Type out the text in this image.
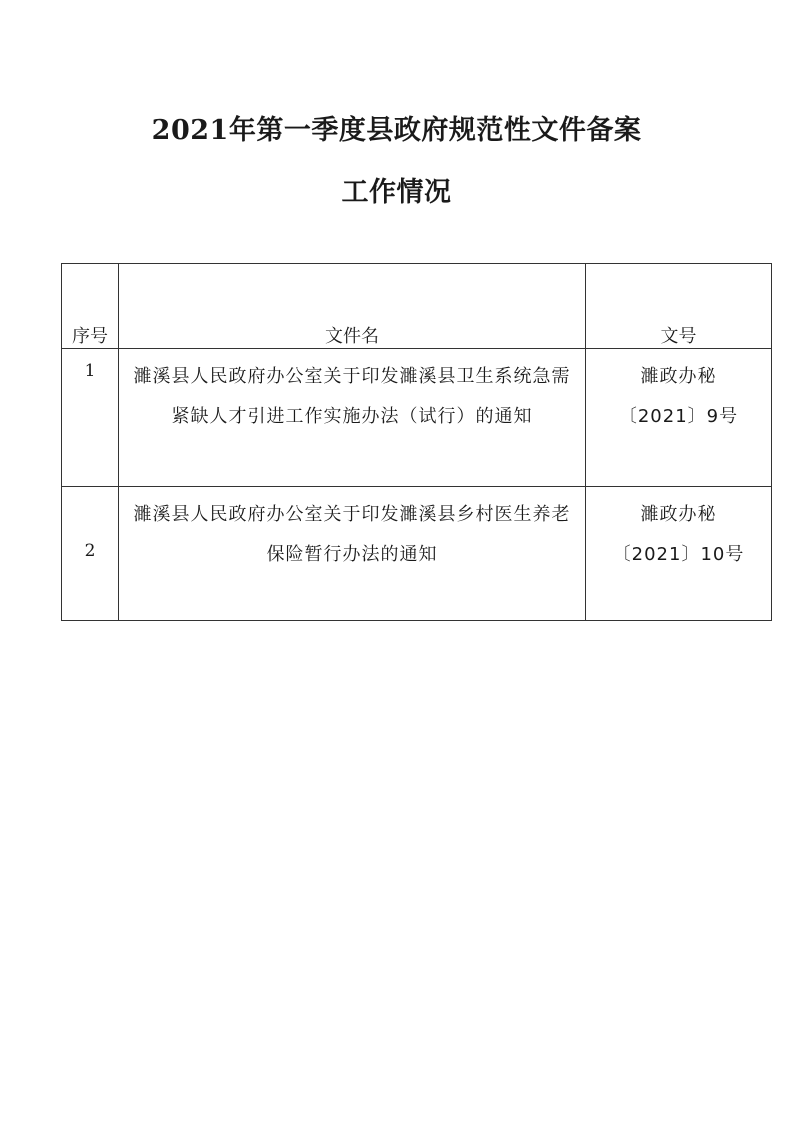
2021年第一季度县政府规范性文件备案
工作情况
序号	文件名	文号
1	濉溪县人民政府办公室关于印发濉溪县卫生系统急需紧缺人才引进工作实施办法（试行）的通知	濉政办秘
〔2021〕9号

2	濉溪县人民政府办公室关于印发濉溪县乡村医生养老保险暂行办法的通知	濉政办秘
〔2021〕10号
